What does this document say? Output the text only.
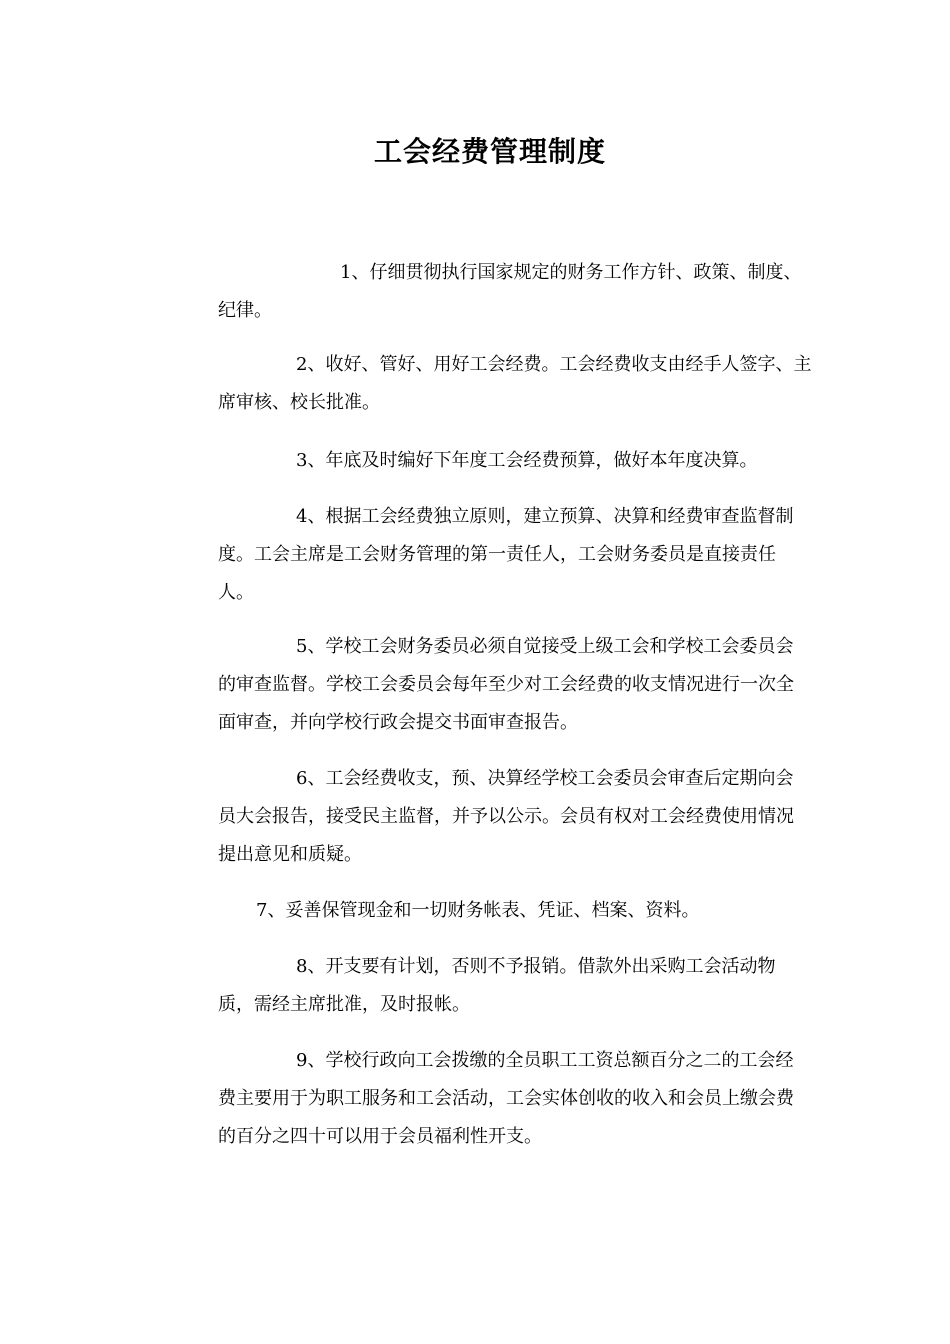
工会经费管理制度

1、仔细贯彻执行国家规定的财务工作方针、政策、制度、纪律。

2、收好、管好、用好工会经费。工会经费收支由经手人签字、主席审核、校长批准。

3、年底及时编好下年度工会经费预算，做好本年度决算。

4、根据工会经费独立原则，建立预算、决算和经费审查监督制度。工会主席是工会财务管理的第一责任人，工会财务委员是直接责任人。

5、学校工会财务委员必须自觉接受上级工会和学校工会委员会的审查监督。学校工会委员会每年至少对工会经费的收支情况进行一次全面审查，并向学校行政会提交书面审查报告。

6、工会经费收支，预、决算经学校工会委员会审查后定期向会员大会报告，接受民主监督，并予以公示。会员有权对工会经费使用情况提出意见和质疑。

7、妥善保管现金和一切财务帐表、凭证、档案、资料。

8、开支要有计划，否则不予报销。借款外出采购工会活动物质，需经主席批准，及时报帐。

9、学校行政向工会拨缴的全员职工工资总额百分之二的工会经费主要用于为职工服务和工会活动，工会实体创收的收入和会员上缴会费的百分之四十可以用于会员福利性开支。
